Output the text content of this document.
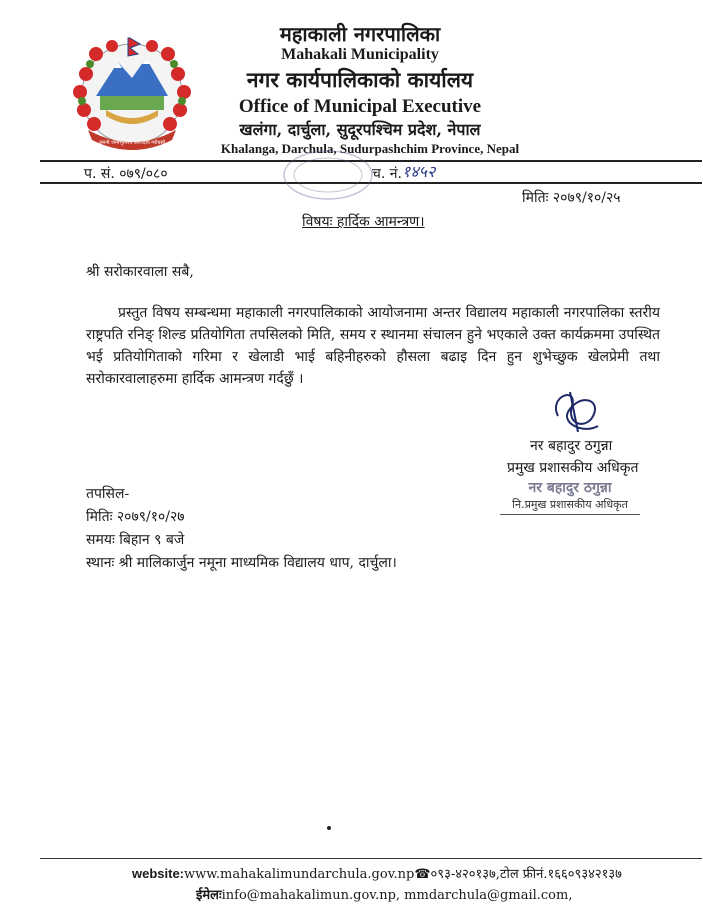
जननी जन्मभूमिश्च स्वर्गादपि गरीयसी
महाकाली नगरपालिका
Mahakali Municipality
नगर कार्यपालिकाको कार्यालय
Office of Municipal Executive
खलंगा, दार्चुला, सुदूरपश्चिम प्रदेश, नेपाल
Khalanga, Darchula, Sudurpashchim Province, Nepal
प. सं. ०७९/०८०	च. नं. १४५२
मितिः २०७९/१०/२५
विषयः हार्दिक आमन्त्रण।
श्री सरोकारवाला सबै,

प्रस्तुत विषय सम्बन्धमा महाकाली नगरपालिकाको आयोजनामा अन्तर विद्यालय महाकाली नगरपालिका स्तरीय राष्ट्रपति रनिङ् शिल्ड प्रतियोगिता तपसिलको मिति, समय र स्थानमा संचालन हुने भएकाले उक्त कार्यक्रममा उपस्थित भई प्रतियोगिताको गरिमा र खेलाडी भाई बहिनीहरुको हौसला बढाइ दिन हुन शुभेच्छुक खेलप्रेमी तथा सरोकारवालाहरुमा हार्दिक आमन्त्रण गर्दछुँ ।

नर बहादुर ठगुन्ना
प्रमुख प्रशासकीय अधिकृत
नर बहादुर ठगुन्ना
नि.प्रमुख प्रशासकीय अधिकृत
तपसिल-
मितिः २०७९/१०/२७
समयः बिहान ९ बजे
स्थानः श्री मालिकार्जुन नमूना माध्यमिक विद्यालय धाप, दार्चुला।
website:www.mahakalimundarchula.gov.np☎०९३-४२०१३७,टोल फ्रीनं.१६६०९३४२१३७
ईमेलःinfo@mahakalimun.gov.np, mmdarchula@gmail.com,
